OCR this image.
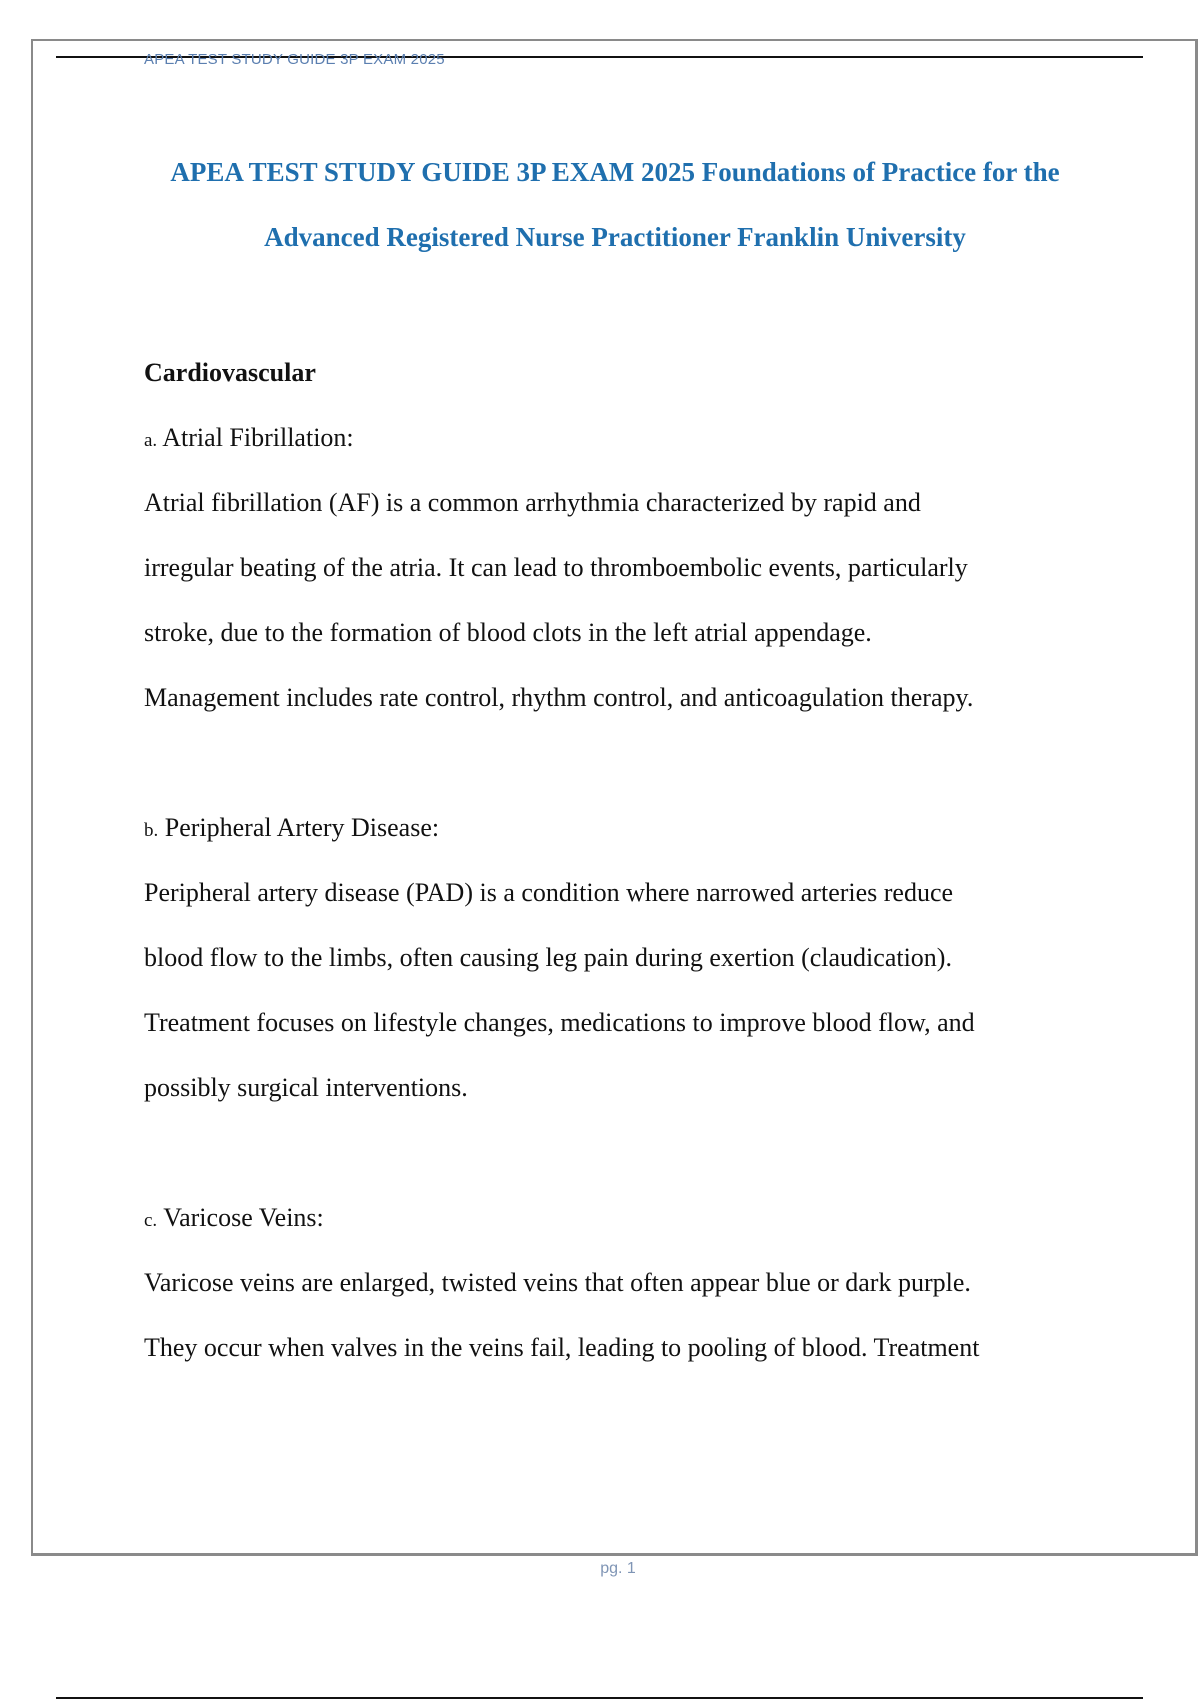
APEA TEST STUDY GUIDE 3P EXAM 2025
APEA TEST STUDY GUIDE 3P EXAM 2025 Foundations of Practice for the
Advanced Registered Nurse Practitioner Franklin University

Cardiovascular

a. Atrial Fibrillation:

Atrial fibrillation (AF) is a common arrhythmia characterized by rapid and

irregular beating of the atria. It can lead to thromboembolic events, particularly

stroke, due to the formation of blood clots in the left atrial appendage.

Management includes rate control, rhythm control, and anticoagulation therapy.

b. Peripheral Artery Disease:

Peripheral artery disease (PAD) is a condition where narrowed arteries reduce

blood flow to the limbs, often causing leg pain during exertion (claudication).

Treatment focuses on lifestyle changes, medications to improve blood flow, and

possibly surgical interventions.

c. Varicose Veins:

Varicose veins are enlarged, twisted veins that often appear blue or dark purple.

They occur when valves in the veins fail, leading to pooling of blood. Treatment

pg. 1
